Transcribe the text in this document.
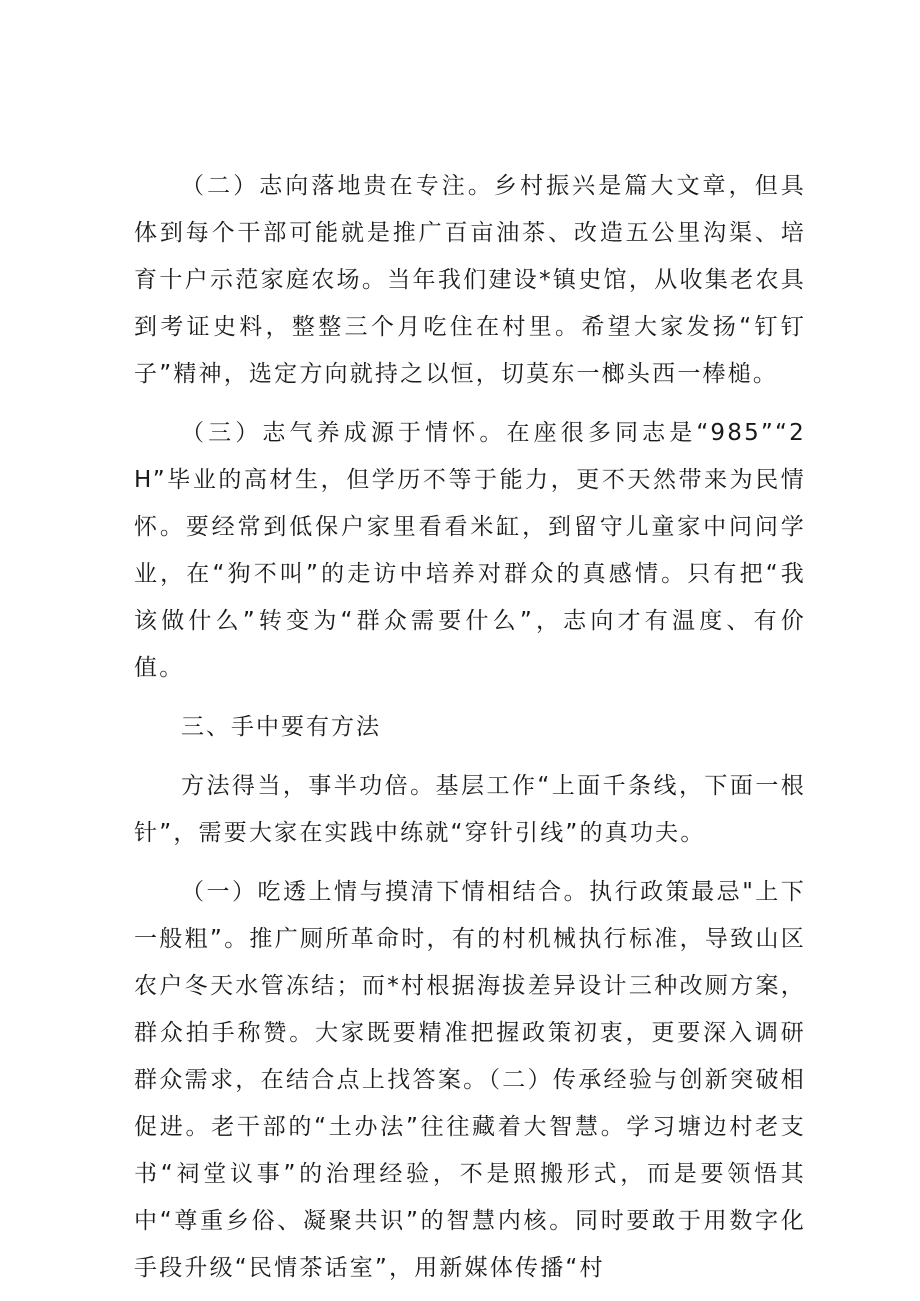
（二）志向落地贵在专注。乡村振兴是篇大文章，但具体到每个干部可能就是推广百亩油茶、改造五公里沟渠、培育十户示范家庭农场。当年我们建设*镇史馆，从收集老农具到考证史料，整整三个月吃住在村里。希望大家发扬“钉钉子”精神，选定方向就持之以恒，切莫东一榔头西一棒槌。

（三）志气养成源于情怀。在座很多同志是“985”“2H”毕业的高材生，但学历不等于能力，更不天然带来为民情怀。要经常到低保户家里看看米缸，到留守儿童家中问问学业，在“狗不叫”的走访中培养对群众的真感情。只有把“我该做什么”转变为“群众需要什么”，志向才有温度、有价值。

三、手中要有方法

方法得当，事半功倍。基层工作“上面千条线，下面一根针”，需要大家在实践中练就“穿针引线”的真功夫。

（一）吃透上情与摸清下情相结合。执行政策最忌"上下一般粗”。推广厕所革命时，有的村机械执行标准，导致山区农户冬天水管冻结；而*村根据海拔差异设计三种改厕方案，群众拍手称赞。大家既要精准把握政策初衷，更要深入调研群众需求，在结合点上找答案。（二）传承经验与创新突破相促进。老干部的“土办法”往往藏着大智慧。学习塘边村老支书“祠堂议事”的治理经验，不是照搬形式，而是要领悟其中“尊重乡俗、凝聚共识”的智慧内核。同时要敢于用数字化手段升级“民情茶话室”，用新媒体传播“村
